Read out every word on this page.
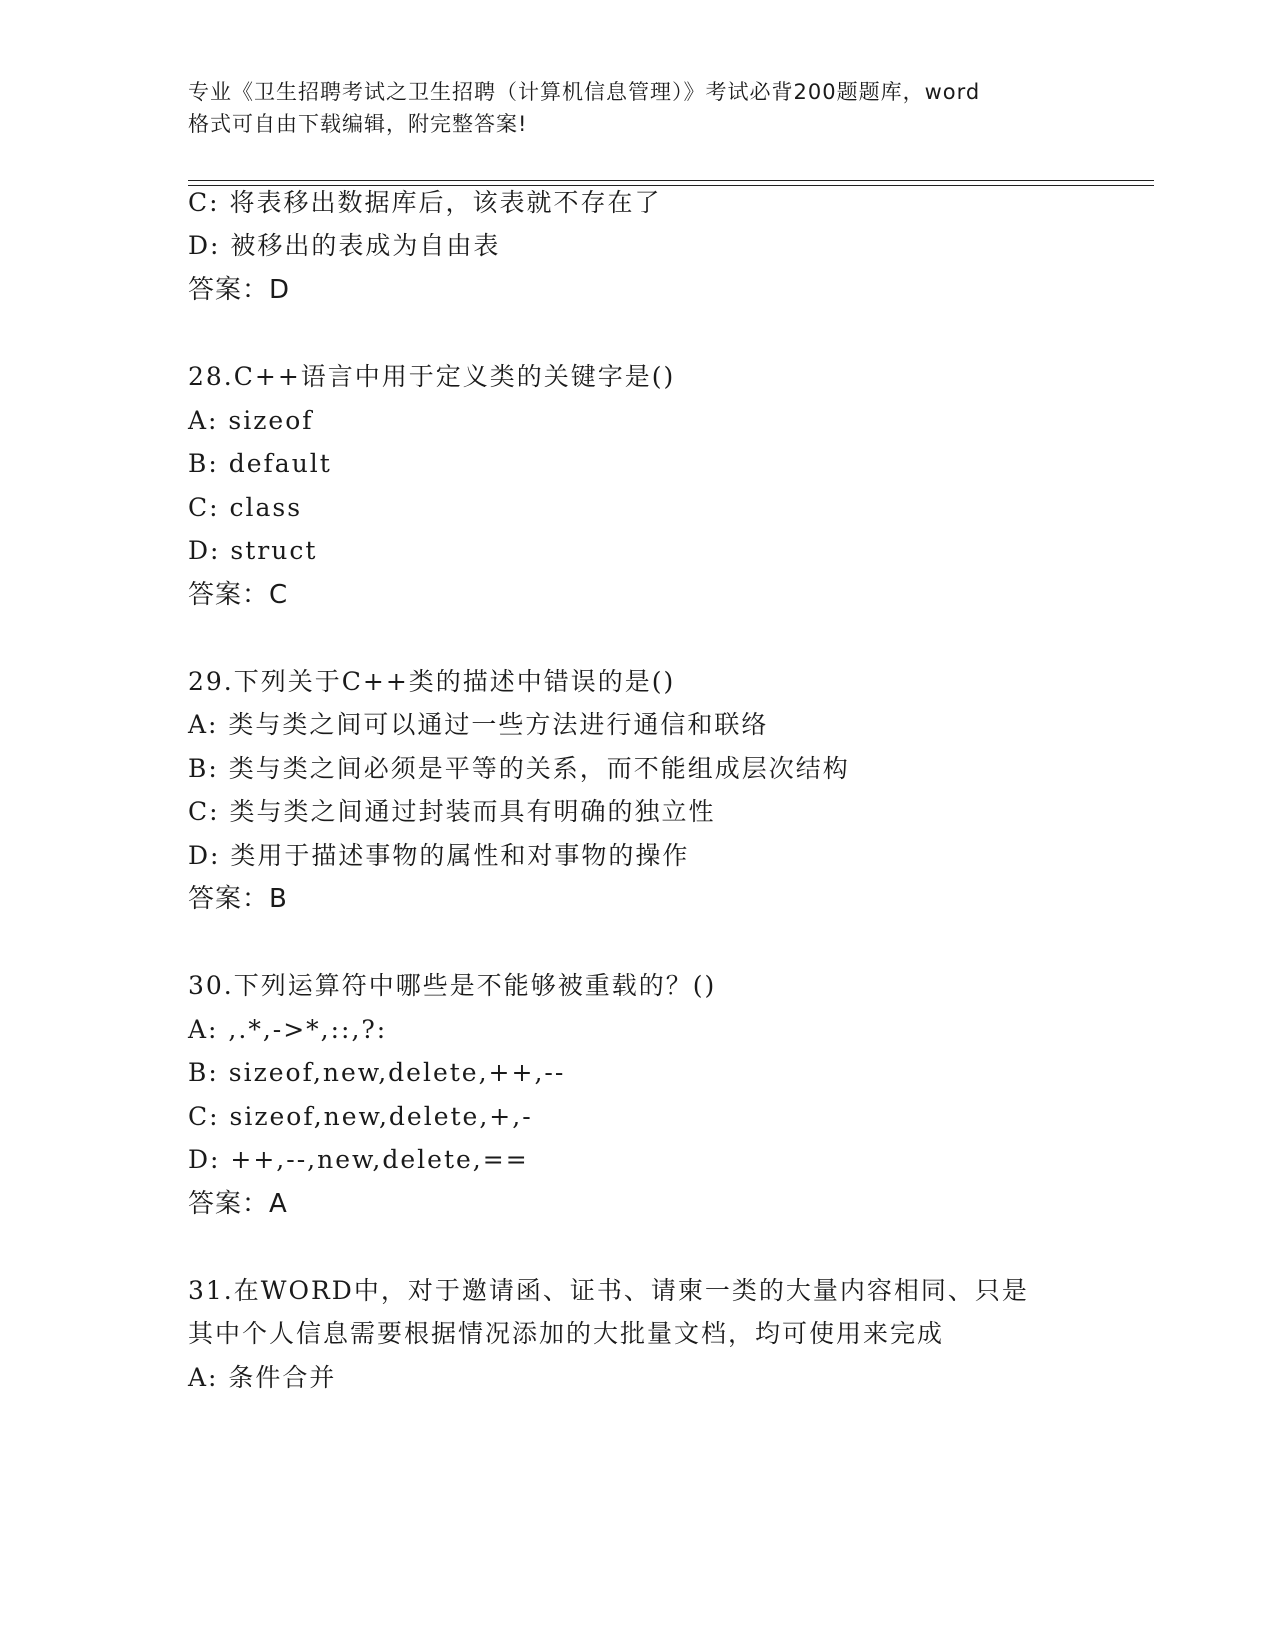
专业《卫生招聘考试之卫生招聘（计算机信息管理）》考试必背200题题库，word
格式可自由下载编辑，附完整答案!
C: 将表移出数据库后，该表就不存在了
D: 被移出的表成为自由表
答案：D
28.C++语言中用于定义类的关键字是()
A: sizeof
B: default
C: class
D: struct
答案：C
29.下列关于C++类的描述中错误的是()
A: 类与类之间可以通过一些方法进行通信和联络
B: 类与类之间必须是平等的关系，而不能组成层次结构
C: 类与类之间通过封装而具有明确的独立性
D: 类用于描述事物的属性和对事物的操作
答案：B
30.下列运算符中哪些是不能够被重载的？()
A: ,.*,->*,::,?:
B: sizeof,new,delete,++,--
C: sizeof,new,delete,+,-
D: ++,--,new,delete,==
答案：A
31.在WORD中，对于邀请函、证书、请柬一类的大量内容相同、只是
其中个人信息需要根据情况添加的大批量文档，均可使用来完成
A: 条件合并
